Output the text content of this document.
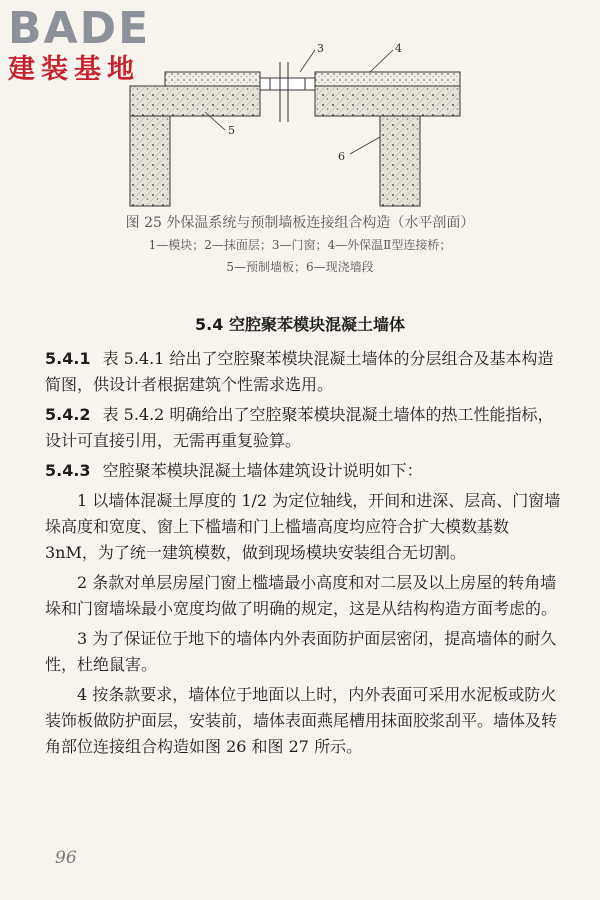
BADE
建装基地
3	4
5
6
图 25 外保温系统与预制墙板连接组合构造（水平剖面）
1—模块；2—抹面层；3—门窗；4—外保温Ⅱ型连接桥；
5—预制墙板；6—现浇墙段
5.4 空腔聚苯模块混凝土墙体

5.4.1 表 5.4.1 给出了空腔聚苯模块混凝土墙体的分层组合及基本构造简图，供设计者根据建筑个性需求选用。

5.4.2 表 5.4.2 明确给出了空腔聚苯模块混凝土墙体的热工性能指标，设计可直接引用，无需再重复验算。

5.4.3 空腔聚苯模块混凝土墙体建筑设计说明如下：

1 以墙体混凝土厚度的 1/2 为定位轴线，开间和进深、层高、门窗墙垛高度和宽度、窗上下槛墙和门上槛墙高度均应符合扩大模数基数 3nM，为了统一建筑模数，做到现场模块安装组合无切割。

2 条款对单层房屋门窗上槛墙最小高度和对二层及以上房屋的转角墙垛和门窗墙垛最小宽度均做了明确的规定，这是从结构构造方面考虑的。

3 为了保证位于地下的墙体内外表面防护面层密闭，提高墙体的耐久性，杜绝鼠害。

4 按条款要求，墙体位于地面以上时，内外表面可采用水泥板或防火装饰板做防护面层，安装前，墙体表面燕尾槽用抹面胶浆刮平。墙体及转角部位连接组合构造如图 26 和图 27 所示。

96
